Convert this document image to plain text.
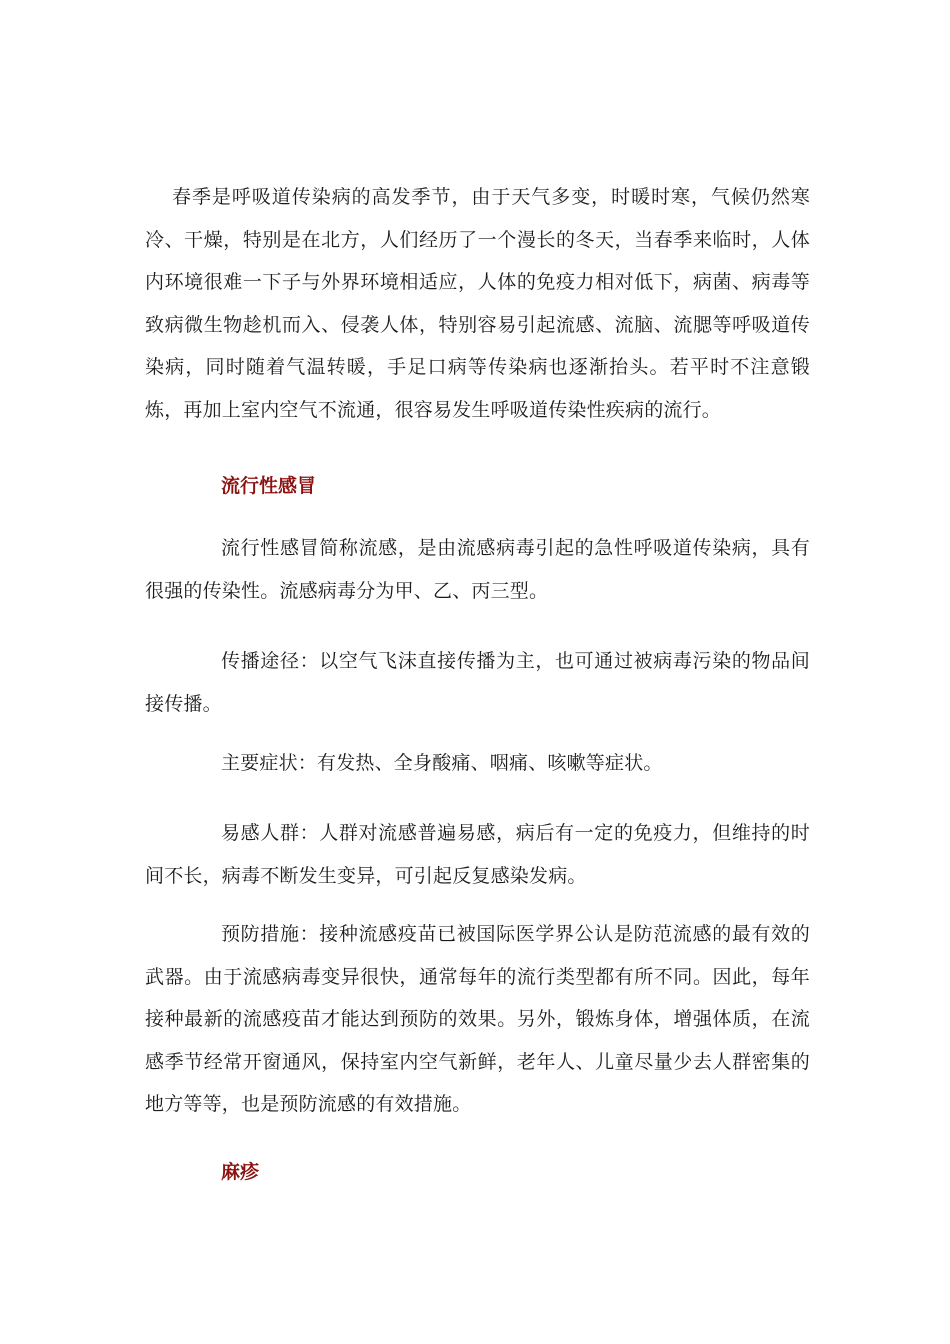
春季是呼吸道传染病的高发季节，由于天气多变，时暖时寒，气候仍然寒冷、干燥，特别是在北方，人们经历了一个漫长的冬天，当春季来临时，人体内环境很难一下子与外界环境相适应，人体的免疫力相对低下，病菌、病毒等致病微生物趁机而入、侵袭人体，特别容易引起流感、流脑、流腮等呼吸道传染病，同时随着气温转暖，手足口病等传染病也逐渐抬头。若平时不注意锻炼，再加上室内空气不流通，很容易发生呼吸道传染性疾病的流行。

流行性感冒

流行性感冒简称流感，是由流感病毒引起的急性呼吸道传染病，具有很强的传染性。流感病毒分为甲、乙、丙三型。

传播途径：以空气飞沫直接传播为主，也可通过被病毒污染的物品间接传播。

主要症状：有发热、全身酸痛、咽痛、咳嗽等症状。

易感人群：人群对流感普遍易感，病后有一定的免疫力，但维持的时间不长，病毒不断发生变异，可引起反复感染发病。

预防措施：接种流感疫苗已被国际医学界公认是防范流感的最有效的武器。由于流感病毒变异很快，通常每年的流行类型都有所不同。因此，每年接种最新的流感疫苗才能达到预防的效果。另外，锻炼身体，增强体质，在流感季节经常开窗通风，保持室内空气新鲜，老年人、儿童尽量少去人群密集的地方等等，也是预防流感的有效措施。

麻疹
